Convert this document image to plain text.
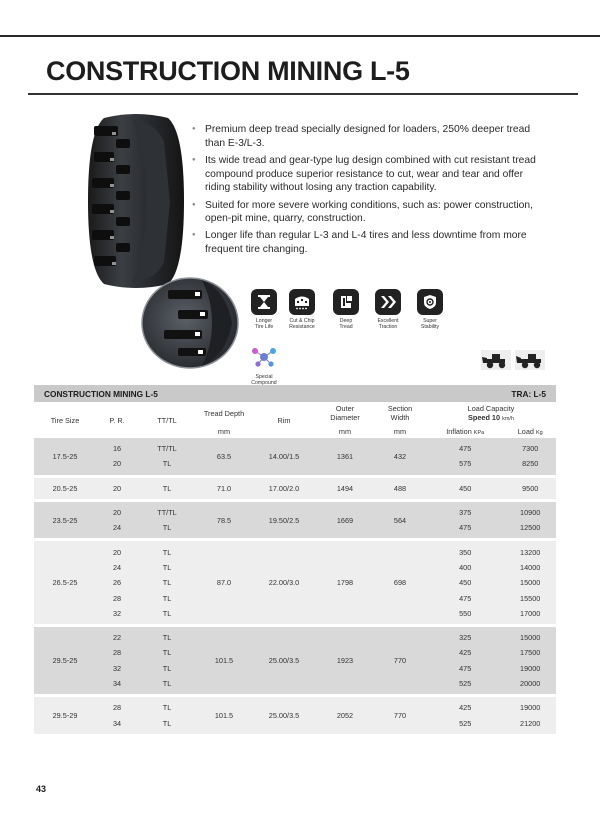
CONSTRUCTION MINING L-5
● Premium deep tread specially designed for loaders, 250% deeper tread than E-3/L-3.
● Its wide tread and gear-type lug design combined with cut resistant tread compound produce superior resistance to cut, wear and tear and offer riding stability without losing any traction capability.
● Suited for more severe working conditions, such as: power construction, open-pit mine, quarry, construction.
● Longer life than regular L-3 and L-4 tires and less downtime from more frequent tire changing.
Longer
Tire Life
Cut & Chip
Resistance
Deep
Tread
Excellent
Traction
Super
Stability
Special
Compound
CONSTRUCTION MINING L-5						TRA: L-5		
Tire Size	P. R.	TT/TL	Tread Depth	Rim	Outer
Diameter	Section
Width	Load Capacity
Speed 10 km/h	
			mm		mm	mm	Inflation KPa	Load Kg

17.5-25	16	TT/TL	63.5	14.00/1.5	1361	432	475	7300
	20	TL					575	8250

20.5-25	20	TL	71.0	17.00/2.0	1494	488	450	9500

23.5-25	20	TT/TL	78.5	19.50/2.5	1669	564	375	10900
	24	TL					475	12500

26.5-25	20	TL	87.0	22.00/3.0	1798	698	350	13200
	24	TL					400	14000
	26	TL					450	15000
	28	TL					475	15500
	32	TL					550	17000

29.5-25	22	TL	101.5	25.00/3.5	1923	770	325	15000
	28	TL					425	17500
	32	TL					475	19000
	34	TL					525	20000

29.5-29	28	TL	101.5	25.00/3.5	2052	770	425	19000
	34	TL					525	21200

43
